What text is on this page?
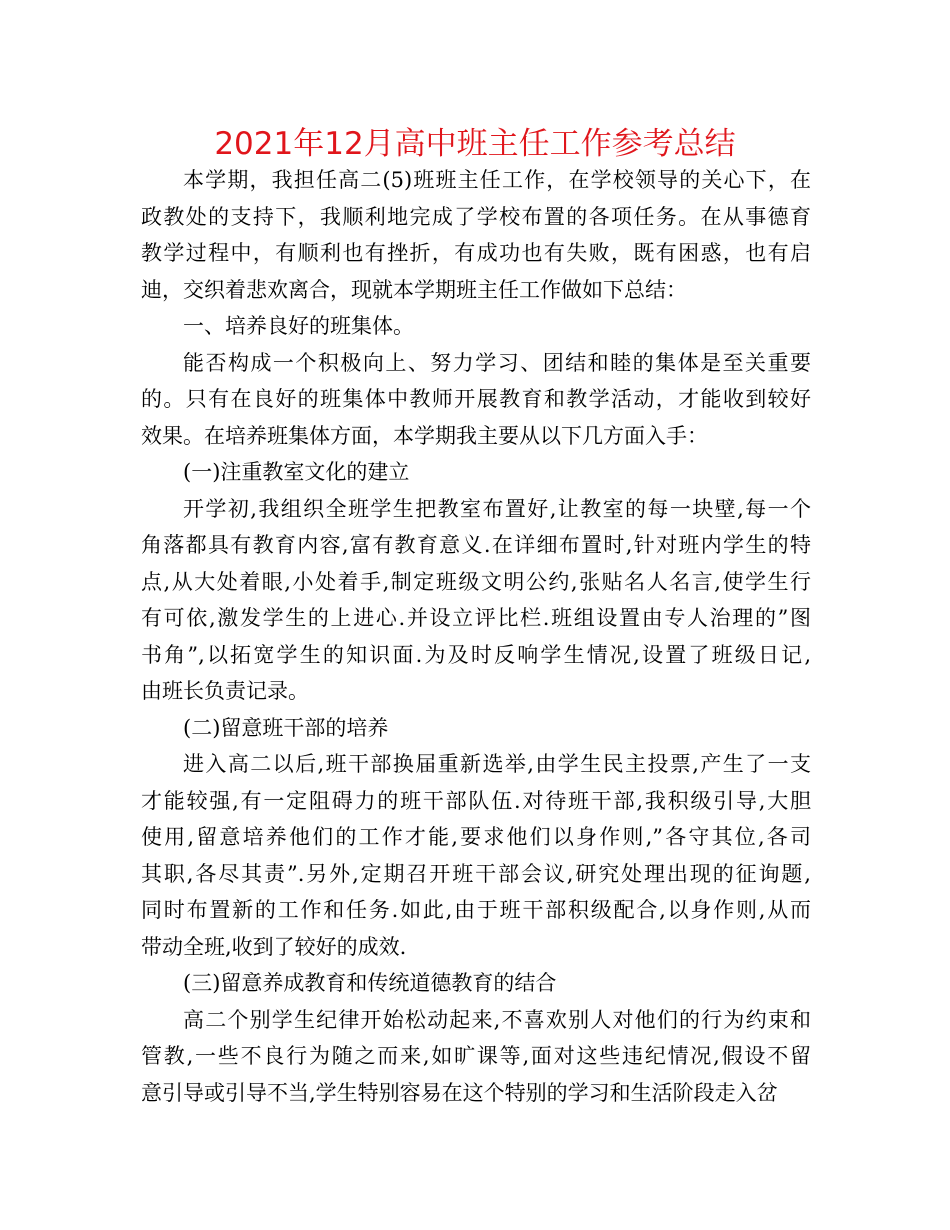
2021年12月高中班主任工作参考总结
本学期，我担任高二(5)班班主任工作，在学校领导的关心下，在
政教处的支持下，我顺利地完成了学校布置的各项任务。在从事德育
教学过程中，有顺利也有挫折，有成功也有失败，既有困惑，也有启
迪，交织着悲欢离合，现就本学期班主任工作做如下总结：
一、培养良好的班集体。
能否构成一个积极向上、努力学习、团结和睦的集体是至关重要
的。只有在良好的班集体中教师开展教育和教学活动，才能收到较好
效果。在培养班集体方面，本学期我主要从以下几方面入手：
(一)注重教室文化的建立
开学初,我组织全班学生把教室布置好,让教室的每一块壁,每一个
角落都具有教育内容,富有教育意义.在详细布置时,针对班内学生的特
点,从大处着眼,小处着手,制定班级文明公约,张贴名人名言,使学生行
有可依,激发学生的上进心.并设立评比栏.班组设置由专人治理的”图
书角”,以拓宽学生的知识面.为及时反响学生情况,设置了班级日记,
由班长负责记录。
(二)留意班干部的培养
进入高二以后,班干部换届重新选举,由学生民主投票,产生了一支
才能较强,有一定阻碍力的班干部队伍.对待班干部,我积级引导,大胆
使用,留意培养他们的工作才能,要求他们以身作则,”各守其位,各司
其职,各尽其责”.另外,定期召开班干部会议,研究处理出现的征询题,
同时布置新的工作和任务.如此,由于班干部积级配合,以身作则,从而
带动全班,收到了较好的成效.
(三)留意养成教育和传统道德教育的结合
高二个别学生纪律开始松动起来,不喜欢别人对他们的行为约束和
管教,一些不良行为随之而来,如旷课等,面对这些违纪情况,假设不留
意引导或引导不当,学生特别容易在这个特别的学习和生活阶段走入岔
